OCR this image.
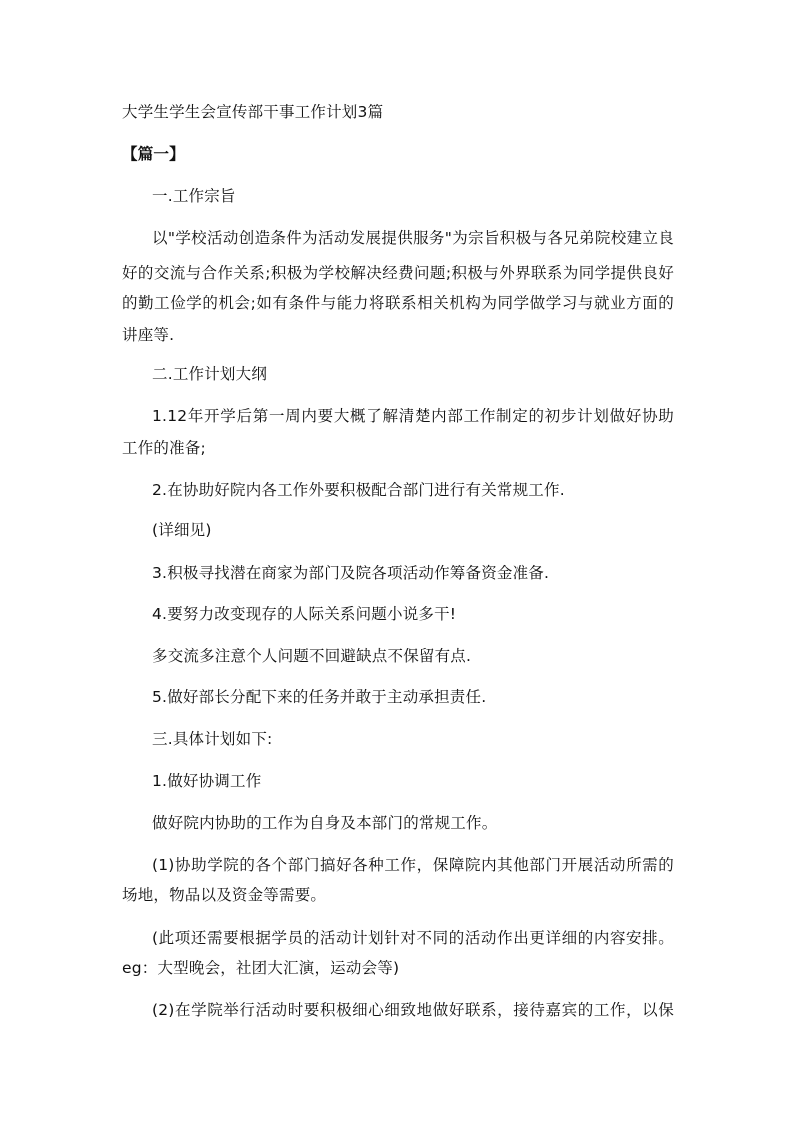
大学生学生会宣传部干事工作计划3篇
【篇一】
一.工作宗旨
以"学校活动创造条件为活动发展提供服务"为宗旨积极与各兄弟院校建立良
好的交流与合作关系;积极为学校解决经费问题;积极与外界联系为同学提供良好
的勤工俭学的机会;如有条件与能力将联系相关机构为同学做学习与就业方面的
讲座等.
二.工作计划大纲
1.12年开学后第一周内要大概了解清楚内部工作制定的初步计划做好协助
工作的准备;
2.在协助好院内各工作外要积极配合部门进行有关常规工作.
(详细见)
3.积极寻找潜在商家为部门及院各项活动作筹备资金准备.
4.要努力改变现存的人际关系问题小说多干!
多交流多注意个人问题不回避缺点不保留有点.
5.做好部长分配下来的任务并敢于主动承担责任.
三.具体计划如下:
1.做好协调工作
做好院内协助的工作为自身及本部门的常规工作。
(1)协助学院的各个部门搞好各种工作，保障院内其他部门开展活动所需的
场地，物品以及资金等需要。
(此项还需要根据学员的活动计划针对不同的活动作出更详细的内容安排。
eg：大型晚会，社团大汇演，运动会等)
(2)在学院举行活动时要积极细心细致地做好联系，接待嘉宾的工作，以保
